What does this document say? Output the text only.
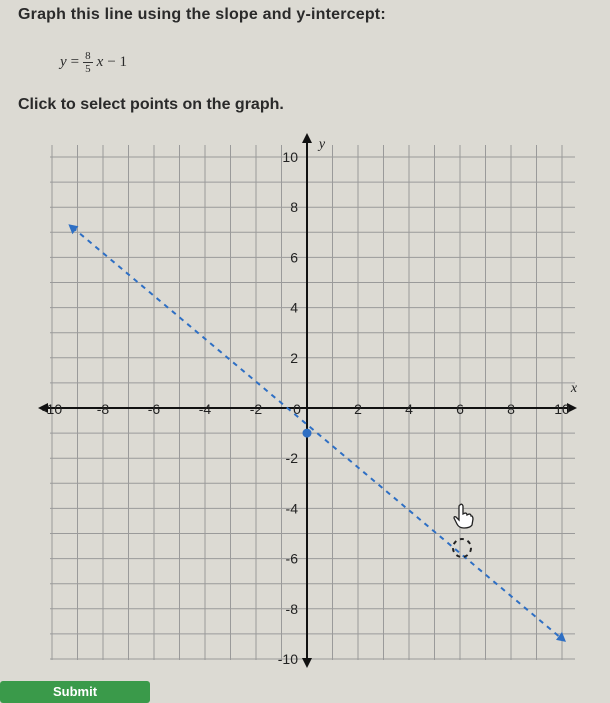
Graph this line using the slope and y-intercept:
$y = \frac{8}{5}$ x − 1
Click to select points on the graph.
x
y
-10 -8	-6	-4	-2 0	2	4	6	8	10
10
8
6
4
2
-2
-4
-6
-8
-10
Submit
